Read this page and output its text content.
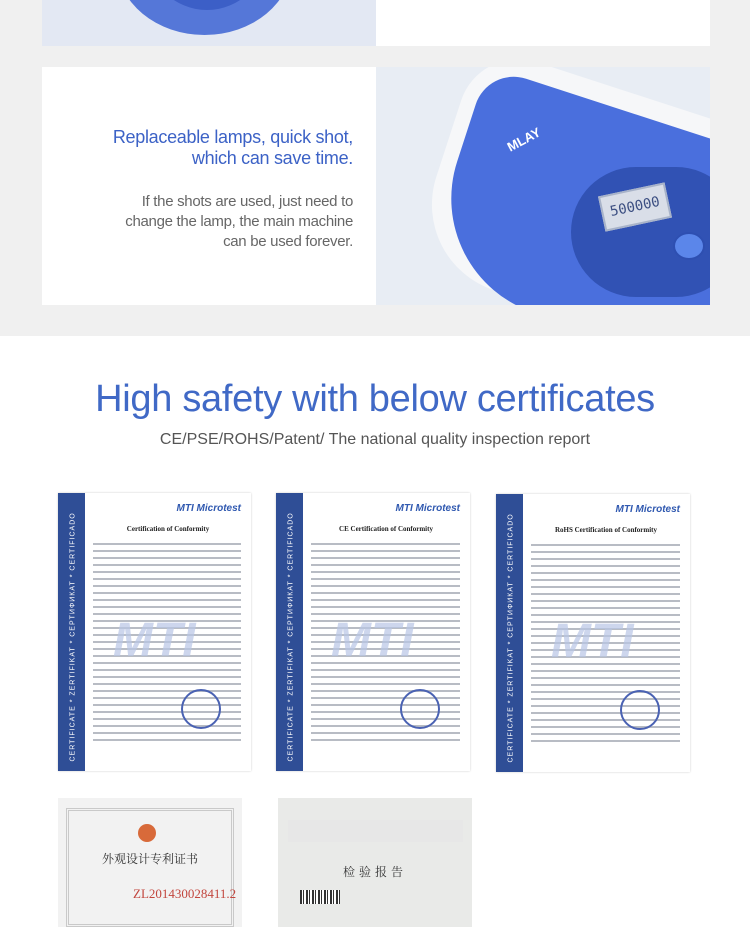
Replaceable lamps, quick shot,
which can save time.
If the shots are used, just need to
change the lamp, the main machine
can be used forever.
MLAY
500000
High safety with below certificates
CE/PSE/ROHS/Patent/ The national quality inspection report
CERTIFICATE * ZERTIFIKAT * CEPTИФИКАТ * CERTIFICADO
MTI Microtest
Certification of Conformity
MTI	CERTIFICATE * ZERTIFIKAT * CEPTИФИКАТ * CERTIFICADO
MTI Microtest
CE Certification of Conformity
MTI	CERTIFICATE * ZERTIFIKAT * CEPTИФИКАТ * CERTIFICADO
MTI Microtest
RoHS Certification of Conformity
MTI
外观设计专利证书
ZL201430028411.2
检验报告
